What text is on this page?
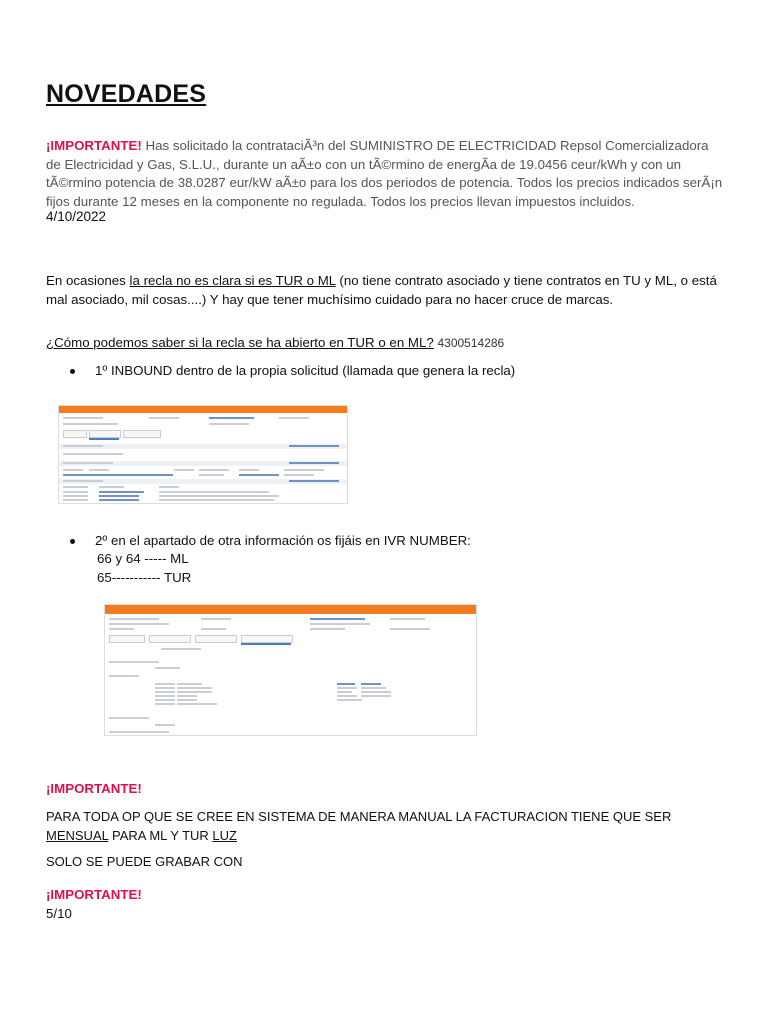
NOVEDADES
¡IMPORTANTE! Has solicitado la contrataciÃ³n del SUMINISTRO DE ELECTRICIDAD Repsol Comercializadora de Electricidad y Gas, S.L.U., durante un aÃ±o con un tÃ©rmino de energÃa de 19.0456 ceur/kWh y con un tÃ©rmino potencia de 38.0287 eur/kW aÃ±o para los dos periodos de potencia. Todos los precios indicados serÃ¡n fijos durante 12 meses en la componente no regulada. Todos los precios llevan impuestos incluidos.
4/10/2022
En ocasiones la recla no es clara si es TUR o ML (no tiene contrato asociado y tiene contratos en TU y ML, o está mal asociado, mil cosas....) Y hay que tener muchísimo cuidado para no hacer cruce de marcas.
¿Cómo podemos saber si la recla se ha abierto en TUR o en ML? 4300514286
1º INBOUND dentro de la propia solicitud (llamada que genera la recla)
2º en el apartado de otra información os fijáis en IVR NUMBER:
66 y 64 ----- ML
65----------- TUR
¡IMPORTANTE!
PARA TODA OP QUE SE CREE EN SISTEMA DE MANERA MANUAL LA FACTURACION TIENE QUE SER MENSUAL PARA ML Y TUR LUZ
SOLO SE PUEDE GRABAR CON
¡IMPORTANTE!
5/10
